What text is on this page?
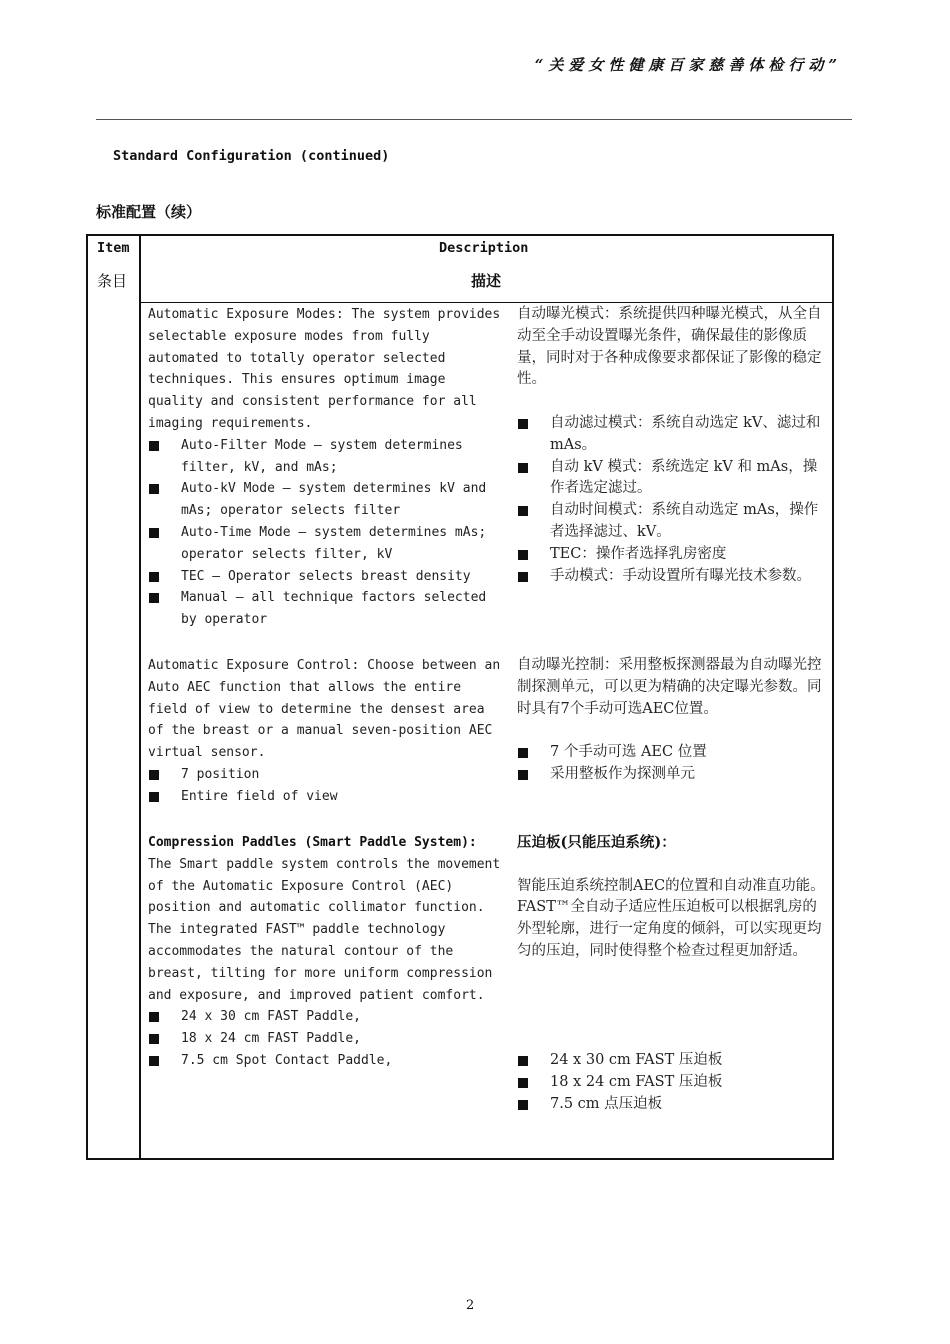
“关爱女性健康百家慈善体检行动”
Standard Configuration (continued)
标准配置（续）
Item
条目
Description
描述

Automatic Exposure Modes: The system provides selectable exposure modes from fully automated to totally operator selected techniques. This ensures optimum image quality and consistent performance for all imaging requirements.

Auto-Filter Mode – system determines filter, kV, and mAs;
Auto-kV Mode – system determines kV and mAs; operator selects filter
Auto-Time Mode – system determines mAs; operator selects filter, kV
TEC – Operator selects breast density
Manual – all technique factors selected by operator

自动曝光模式：系统提供四种曝光模式，从全自动至全手动设置曝光条件，确保最佳的影像质量，同时对于各种成像要求都保证了影像的稳定性。

自动滤过模式：系统自动选定 kV、滤过和 mAs。
自动 kV 模式：系统选定 kV 和 mAs，操作者选定滤过。
自动时间模式：系统自动选定 mAs，操作者选择滤过、kV。
TEC：操作者选择乳房密度
手动模式：手动设置所有曝光技术参数。

Automatic Exposure Control: Choose between an Auto AEC function that allows the entire field of view to determine the densest area of the breast or a manual seven-position AEC virtual sensor.

7 position
Entire field of view

自动曝光控制：采用整板探测器最为自动曝光控制探测单元，可以更为精确的决定曝光参数。同时具有7个手动可选AEC位置。

7 个手动可选 AEC 位置
采用整板作为探测单元

Compression Paddles (Smart Paddle System):

The Smart paddle system controls the movement of the Automatic Exposure Control (AEC) position and automatic collimator function. The integrated FAST™ paddle technology accommodates the natural contour of the breast, tilting for more uniform compression and exposure, and improved patient comfort.

24 x 30 cm FAST Paddle,
18 x 24 cm FAST Paddle,
7.5 cm Spot Contact Paddle,

压迫板(只能压迫系统)：

智能压迫系统控制AEC的位置和自动准直功能。FAST™全自动子适应性压迫板可以根据乳房的外型轮廓，进行一定角度的倾斜，可以实现更均匀的压迫，同时使得整个检查过程更加舒适。

24 x 30 cm FAST 压迫板
18 x 24 cm FAST 压迫板
7.5 cm 点压迫板
2
